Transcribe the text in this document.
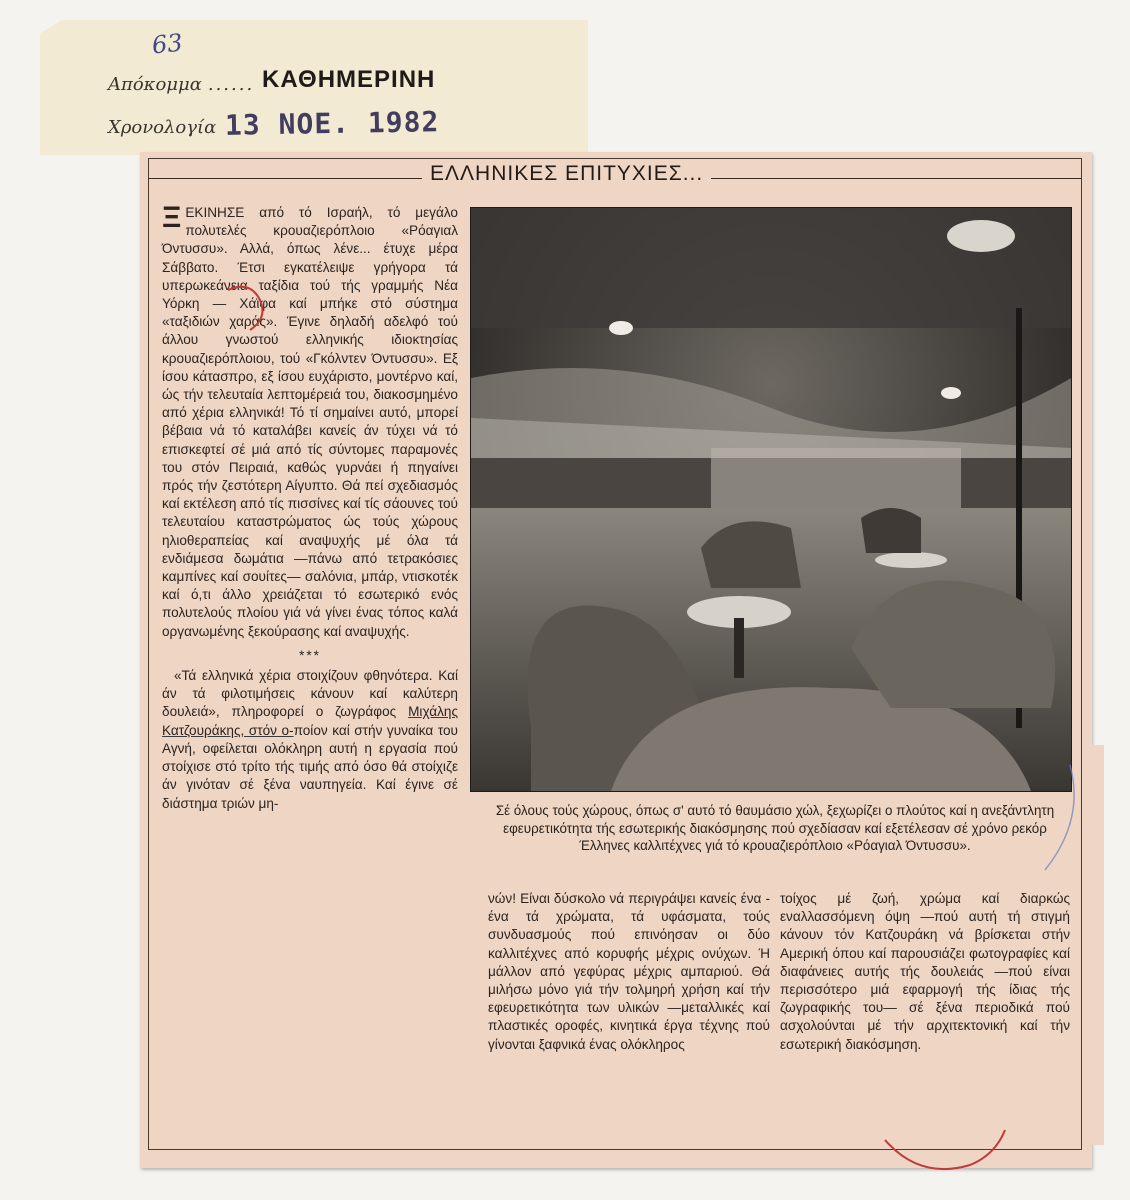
63
Απόκομμα ...... ΚΑΘΗΜΕΡΙΝΗ
Χρονολογία 13 ΝΟΕ. 1982
ΕΛΛΗΝΙΚΕΣ ΕΠΙΤΥΧΙΕΣ...

ΞΕΚΙΝΗΣΕ από τό Ισραήλ, τό μεγάλο πολυτελές κρουαζιερόπλοιο «Ρόαγιαλ Όντυσσυ». Αλλά, όπως λένε... έτυχε μέρα Σάββατο. Έτσι εγκατέλειψε γρήγορα τά υπερωκεάνεια ταξίδια τού τής γραμμής Νέα Υόρκη — Χάϊφα καί μπήκε στό σύστημα «ταξιδιών χαράς». Έγινε δηλαδή αδελφό τού άλλου γνωστού ελληνικής ιδιοκτησίας κρουαζιερόπλοιου, τού «Γκόλντεν Όντυσσυ». Εξ ίσου κάτασπρο, εξ ίσου ευχάριστο, μοντέρνο καί, ώς τήν τελευταία λεπτομέρειά του, διακοσμημένο από χέρια ελληνικά! Τό τί σημαίνει αυτό, μπορεί βέβαια νά τό καταλάβει κανείς άν τύχει νά τό επισκεφτεί σέ μιά από τίς σύντομες παραμονές του στόν Πειραιά, καθώς γυρνάει ή πηγαίνει πρός τήν ζεστότερη Αίγυπτο. Θά πεί σχεδιασμός καί εκτέλεση από τίς πισσίνες καί τίς σάουνες τού τελευταίου καταστρώματος ώς τούς χώρους ηλιοθεραπείας καί αναψυχής μέ όλα τά ενδιάμεσα δωμάτια —πάνω από τετρακόσιες καμπίνες καί σουίτες— σαλόνια, μπάρ, ντισκοτέκ καί ό,τι άλλο χρειάζεται τό εσωτερικό ενός πολυτελούς πλοίου γιά νά γίνει ένας τόπος καλά οργανωμένης ξεκούρασης καί αναψυχής.

***

«Τά ελληνικά χέρια στοιχίζουν φθηνότερα. Καί άν τά φιλοτιμήσεις κάνουν καί καλύτερη δουλειά», πληροφορεί ο ζωγράφος Μιχάλης Κατζουράκης, στόν ο-ποίον καί στήν γυναίκα του Αγνή, οφείλεται ολόκληρη αυτή η εργασία πού στοίχισε στό τρίτο τής τιμής από όσο θά στοίχιζε άν γινόταν σέ ξένα ναυπηγεία. Καί έγινε σέ διάστημα τριών μη-	Σέ όλους τούς χώρους, όπως σ' αυτό τό θαυμάσιο χώλ, ξεχωρίζει ο πλούτος καί η ανεξάντλητη εφευρετικότητα τής εσωτερικής διακόσμησης πού σχεδίασαν καί εξετέλεσαν σέ χρόνο ρεκόρ Έλληνες καλλιτέχνες γιά τό κρουαζιερόπλοιο «Ρόαγιαλ Όντυσσυ».
νών! Είναι δύσκολο νά περιγράψει κανείς ένα - ένα τά χρώματα, τά υφάσματα, τούς συνδυασμούς πού επινόησαν οι δύο καλλιτέχνες από κορυφής μέχρις ονύχων. Ή μάλλον από γεφύρας μέχρις αμπαριού. Θά μιλήσω μόνο γιά τήν τολμηρή χρήση καί τήν εφευρετικότητα των υλικών —μεταλλικές καί πλαστικές οροφές, κινητικά έργα τέχνης πού γίνονται ξαφνικά ένας ολόκληρος
τοίχος μέ ζωή, χρώμα καί διαρκώς εναλλασσόμενη όψη —πού αυτή τή στιγμή κάνουν τόν Κατζουράκη νά βρίσκεται στήν Αμερική όπου καί παρουσιάζει φωτογραφίες καί διαφάνειες αυτής τής δουλειάς —πού είναι περισσότερο μιά εφαρμογή τής ίδιας τής ζωγραφικής του— σέ ξένα περιοδικά πού ασχολούνται μέ τήν αρχιτεκτονική καί τήν εσωτερική διακόσμηση.
